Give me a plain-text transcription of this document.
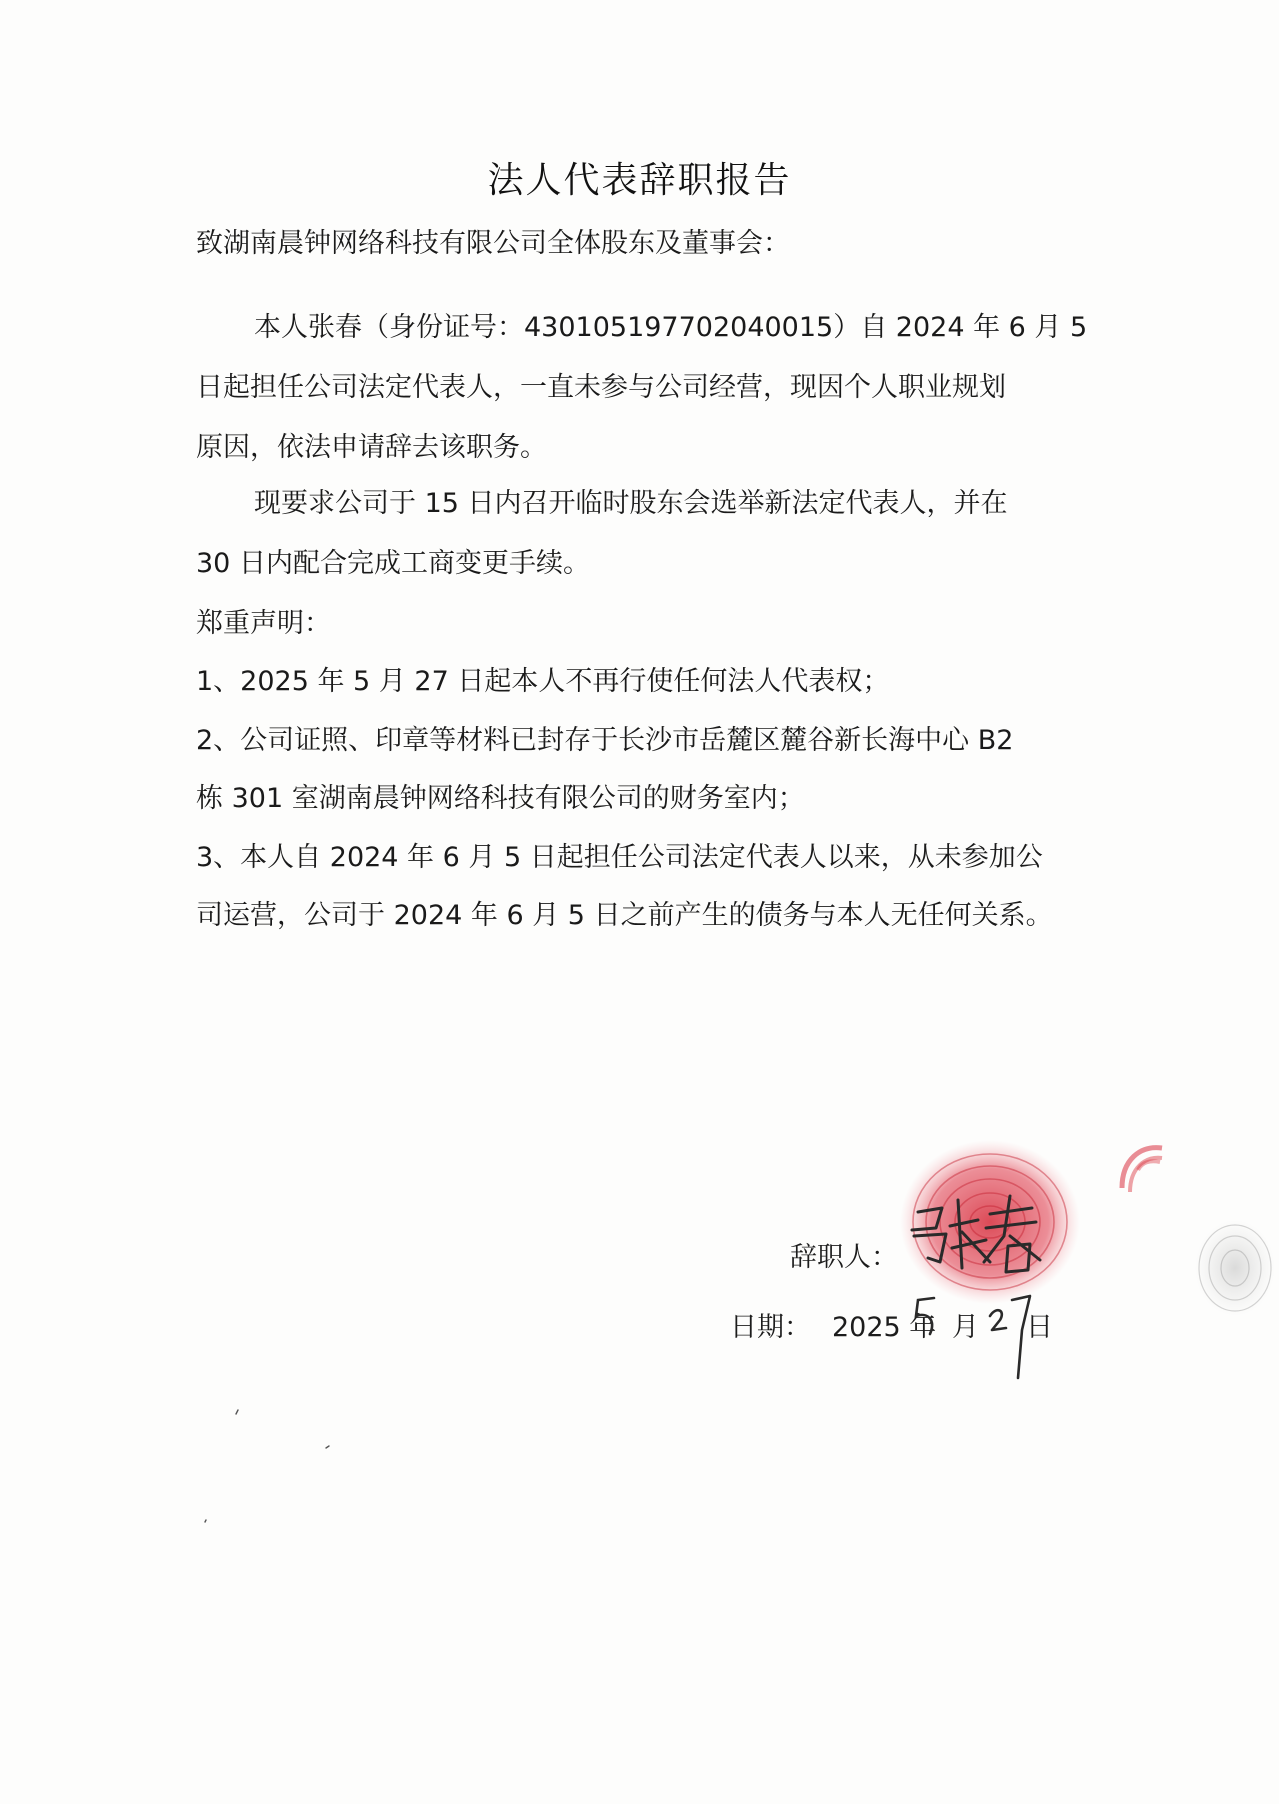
法人代表辞职报告
致湖南晨钟网络科技有限公司全体股东及董事会：
本人张春（身份证号：430105197702040015）自 2024 年 6 月 5
日起担任公司法定代表人，一直未参与公司经营，现因个人职业规划
原因，依法申请辞去该职务。
现要求公司于 15 日内召开临时股东会选举新法定代表人，并在
30 日内配合完成工商变更手续。
郑重声明：
1、2025 年 5 月 27 日起本人不再行使任何法人代表权；
2、公司证照、印章等材料已封存于长沙市岳麓区麓谷新长海中心 B2
栋 301 室湖南晨钟网络科技有限公司的财务室内；
3、本人自 2024 年 6 月 5 日起担任公司法定代表人以来，从未参加公
司运营，公司于 2024 年 6 月 5 日之前产生的债务与本人无任何关系。
辞职人：
日期： 2025 年 月 日
